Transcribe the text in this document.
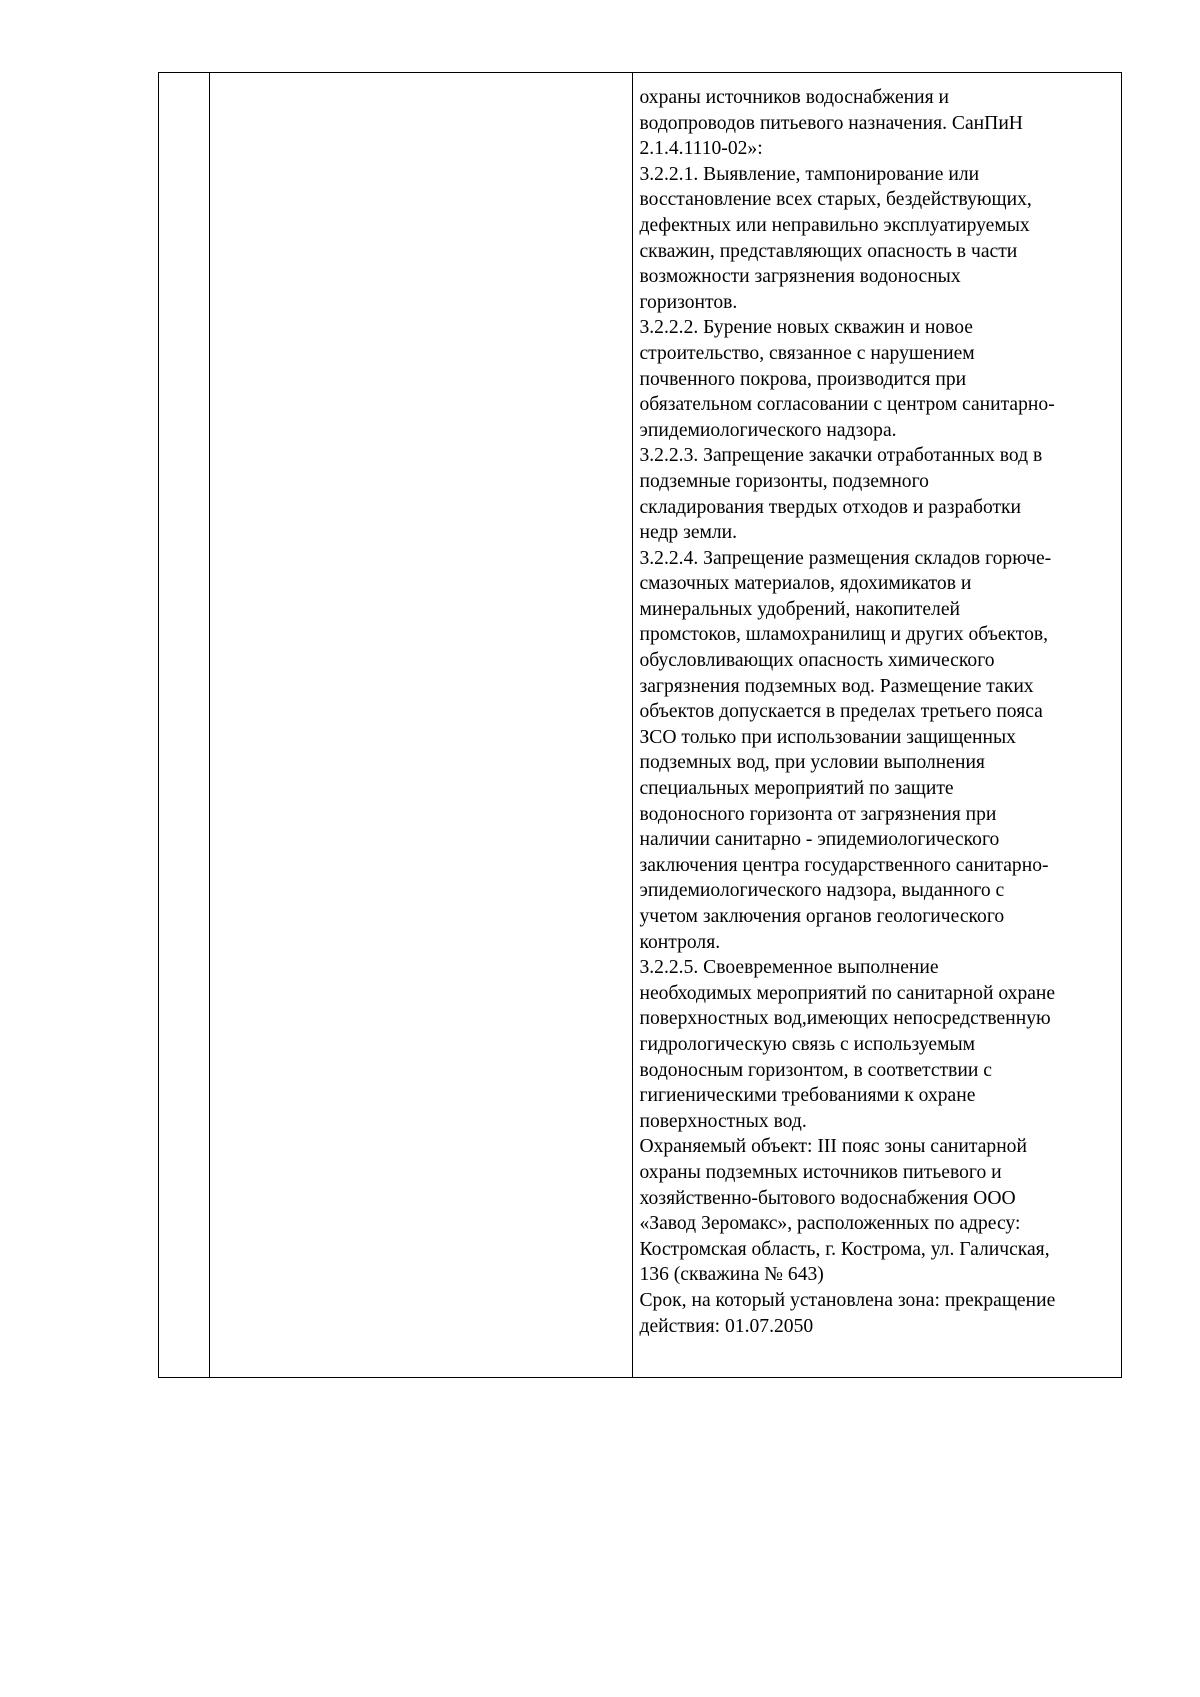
охраны источников водоснабжения и
водопроводов питьевого назначения. СанПиН
2.1.4.1110-02»:
3.2.2.1. Выявление, тампонирование или
восстановление всех старых, бездействующих,
дефектных или неправильно эксплуатируемых
скважин, представляющих опасность в части
возможности загрязнения водоносных
горизонтов.
3.2.2.2. Бурение новых скважин и новое
строительство, связанное с нарушением
почвенного покрова, производится при
обязательном согласовании с центром санитарно-
эпидемиологического надзора.
3.2.2.3. Запрещение закачки отработанных вод в
подземные горизонты, подземного
складирования твердых отходов и разработки
недр земли.
3.2.2.4. Запрещение размещения складов горюче-
смазочных материалов, ядохимикатов и
минеральных удобрений, накопителей
промстоков, шламохранилищ и других объектов,
обусловливающих опасность химического
загрязнения подземных вод. Размещение таких
объектов допускается в пределах третьего пояса
ЗСО только при использовании защищенных
подземных вод, при условии выполнения
специальных мероприятий по защите
водоносного горизонта от загрязнения при
наличии санитарно - эпидемиологического
заключения центра государственного санитарно-
эпидемиологического надзора, выданного с
учетом заключения органов геологического
контроля.
3.2.2.5. Своевременное выполнение
необходимых мероприятий по санитарной охране
поверхностных вод,имеющих непосредственную
гидрологическую связь с используемым
водоносным горизонтом, в соответствии с
гигиеническими требованиями к охране
поверхностных вод.
Охраняемый объект: III пояс зоны санитарной
охраны подземных источников питьевого и
хозяйственно-бытового водоснабжения ООО
«Завод Зеромакс», расположенных по адресу:
Костромская область, г. Кострома, ул. Галичская,
136 (скважина № 643)
Срок, на который установлена зона: прекращение
действия: 01.07.2050
